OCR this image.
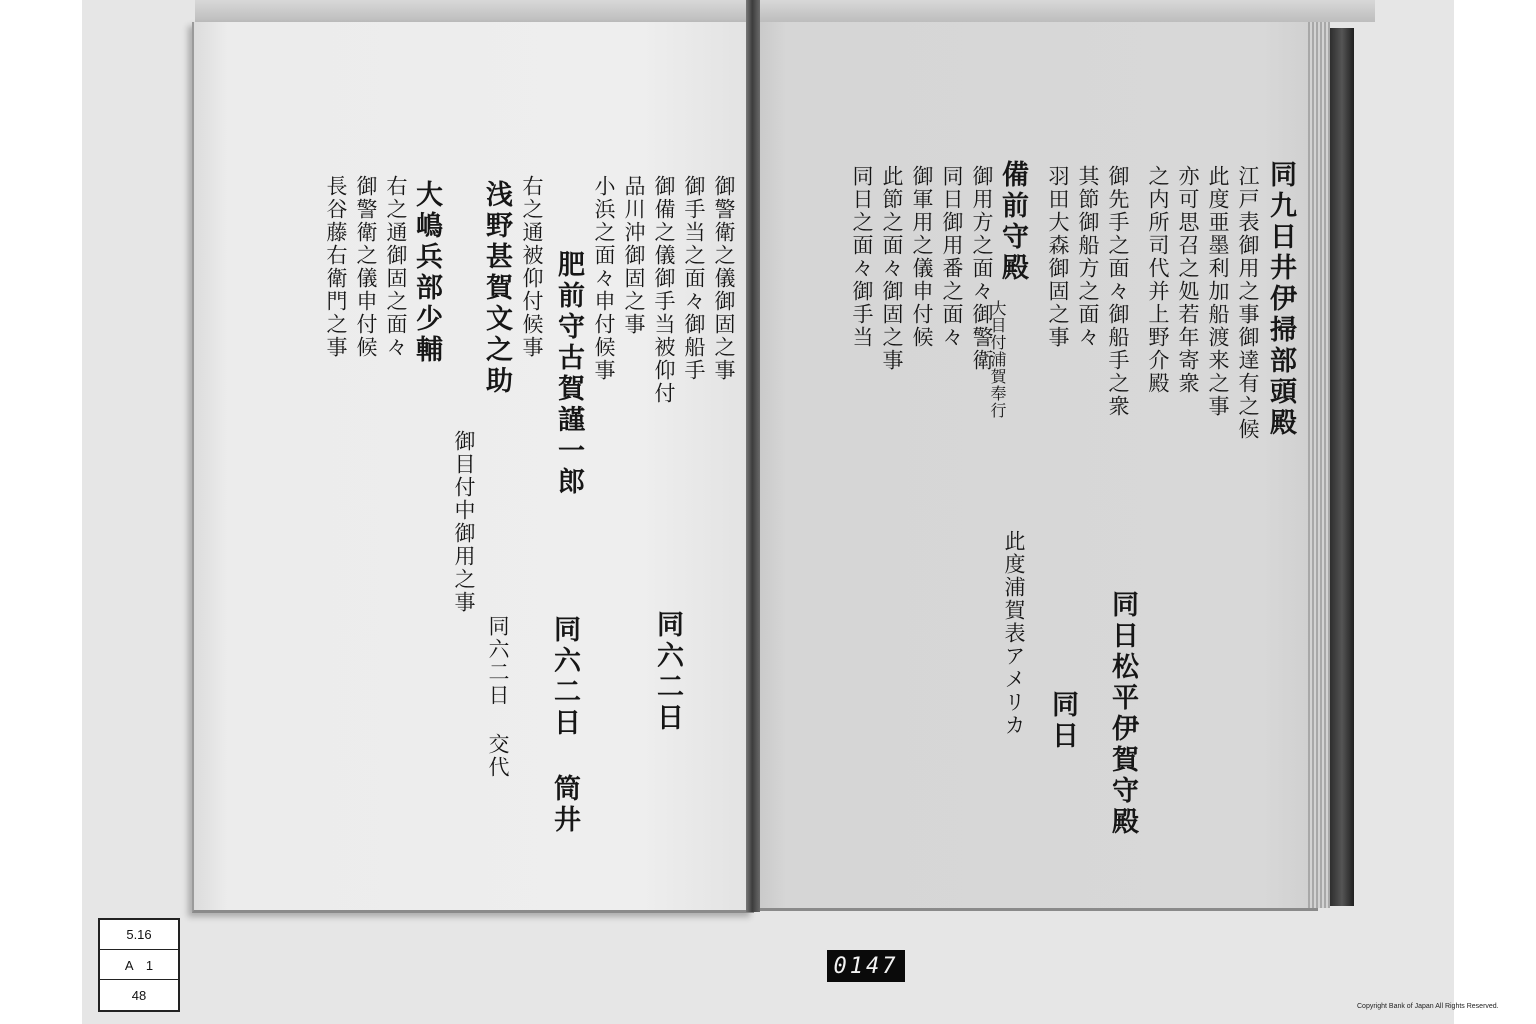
同九日井伊掃部頭殿
江戸表御用之事御達有之候
此度亜墨利加船渡来之事
亦可思召之処若年寄衆
之内所司代并上野介殿
同日松平伊賀守殿
御先手之面々御船手之衆
其節御船方之面々
羽田大森御固之事
同日
備前守殿
此度浦賀表アメリカ
大目付浦賀奉行
御用方之面々御警衛
同日御用番之面々
御軍用之儀申付候
此節之面々御固之事
同日之面々御手当
御警衛之儀御固之事
御手当之面々御船手
御備之儀御手当被仰付
品川沖御固之事
同六二日
小浜之面々申付候事
肥前守古賀謹一郎
同六二日 筒井
右之通被仰付候事
浅野甚賀文之助
同六二日 交代
御目付中御用之事
大嶋兵部少輔
右之通御固之面々
御警衛之儀申付候
長谷藤右衛門之事
5.16
A　1
48
0147
Copyright Bank of Japan All Rights Reserved.
